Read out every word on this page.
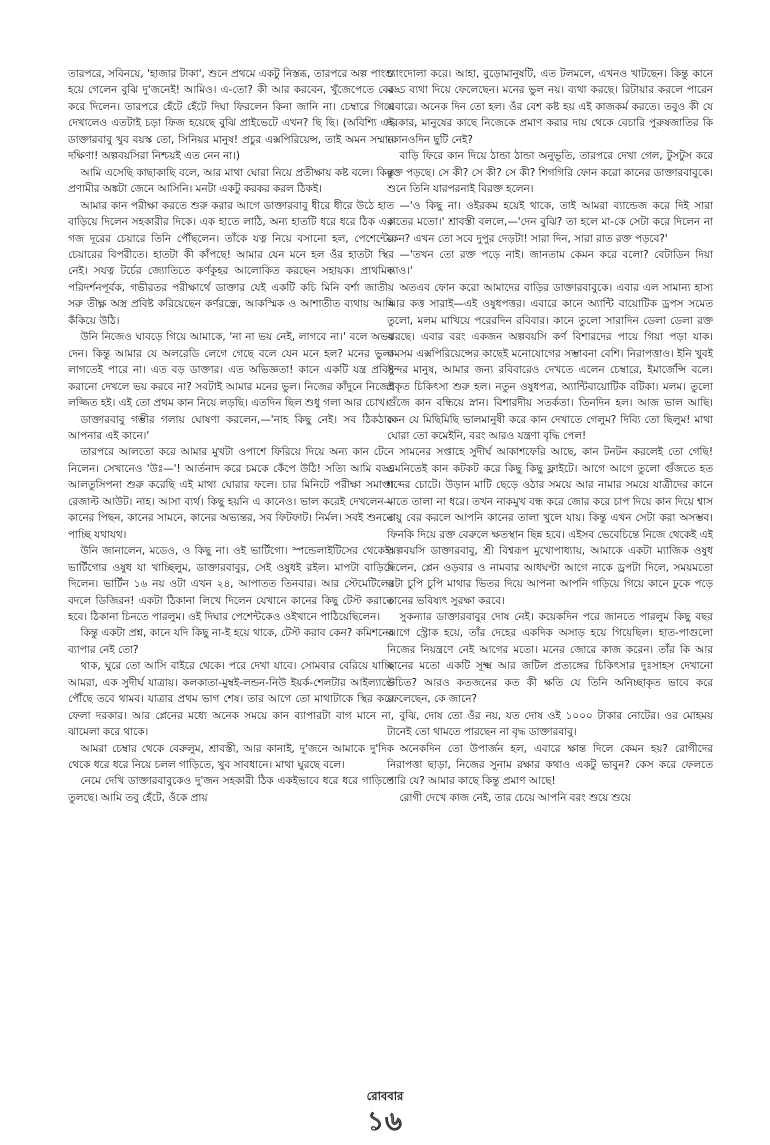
তারপরে, সবিনয়ে, 'হাজার টাকা', শুনে প্রথমে একটু নিস্তব্ধ, তারপরে অল্প পাংশু হয়ে গেলেন বুঝি দু'জনেই! আমিও। এ-তো? কী আর করবেন, খুঁজেপেতে বের করে দিলেন। তারপরে হেঁটে হেঁটে দিঘা ফিরলেন কিনা জানি না। চেম্বারে গিয়ে দেখালেও এতটাই চড়া ফিজ হয়েছে বুঝি প্রাইভেটে এখন? ছি ছি। (অবিশ্যি এই ডাক্তারবাবু খুব বয়স্ক তো, সিনিয়র মানুষ! প্রচুর এক্সপিরিয়েন্স, তাই অমন সম্মান দক্ষিণা! অল্পবয়সিরা নিশ্চয়ই এত নেন না।)

আমি এসেছি কাছাকাছি বলে, আর মাথা ঘোরা নিয়ে প্রতীক্ষায় কষ্ট বলে। কিন্তু প্রণামীর অঙ্কটা জেনে আসিনি। মনটা একটু করকর করল ঠিকই।

আমার কান পরীক্ষা করতে শুরু করার আগে ডাক্তারবাবু ধীরে ধীরে উঠে হাত বাড়িয়ে দিলেন সহকারীর দিকে। এক হাতে লাঠি, অন্য হাতটি ধরে ধরে ঠিক এক গজ দূরের চেয়ারে তিনি পৌঁছলেন। তাঁকে যত্ন নিয়ে বসানো হল, পেশেন্টের চেয়ারের বিপরীতে। হাতটা কী কাঁপছে! আমার যেন মনে হল ওঁর হাতটা স্থির নেই। সযত্ন টর্চের জ্যোতিতে কর্ণকুহর আলোকিত করছেন সহায়ক। প্রাথমিক পরিদর্শনপূর্বক, গভীরতর পরীক্ষার্থে ডাক্তার যেই একটি কচি মিনি বর্শা জাতীয় সরু তীক্ষ্ণ অস্ত্র প্রবিষ্ট করিয়েছেন কর্ণরন্ধ্রে, আকস্মিক ও আশাতীত ব্যথায় আমি কঁকিয়ে উঠি।

উনি নিজেও ঘাবড়ে গিয়ে আমাকে, 'না না ভয় নেই, লাগবে না।' বলে অভয় দেন। কিন্তু আমার যে অলরেডি লেগে গেছে বলে যেন মনে হল? মনের ভুল। লাগতেই পারে না। এত বড় ডাক্তার। এত অভিজ্ঞতা! কানে একটি যন্ত্র প্রবিষ্ট করানো দেখলে ভয় করবে না? সবটাই আমার মনের ভুল। নিজের কাঁদুনে নিজেই লজ্জিত হই। এই তো প্রথম কান নিয়ে লড়ছি। এতদিন ছিল শুধু গলা আর চোখ।

ডাক্তারবাবু গম্ভীর গলায় ঘোষণা করলেন,—'নাহ কিছু নেই। সব ঠিকঠাক আপনার এই কানে।'

তারপরে আলতো করে আমার মুখটা ওপাশে ফিরিয়ে দিয়ে অন্য কান টেনে নিলেন। সেখানেও 'উঃ—'! আর্তনাদ করে চমকে কেঁপে উঠি! সত্যি আমি বড্ড আলতুসিপনা শুরু করেছি এই মাথা ঘোরার ফলে। চার মিনিটে পরীক্ষা সমাপ্ত। রেজাল্ট আউট। নাহ। আসা ব্যর্থ। কিছু হয়নি এ কানেও। ভাল করেই দেখলেন—কানের পিছন, কানের সামনে, কানের অভ্যন্তর, সব ফিটফাট। নির্মল। সবই শুনতে পাচ্ছি যথাযথ।

উনি জানালেন, মডেও, ও কিছু না। ওই ভার্টিগো। স্পন্ডেলাইটিসের থেকেই। ভার্টিগোর ওষুধ যা খাচ্ছিলুম, ডাক্তারবাবুর, সেই ওষুধই রইল। মাপটা বাড়িয়ে দিলেন। ভার্টিন ১৬ নয় ওটা এখন ২৪, আপাতত তিনবার। আর স্টেমেটিলের বদলে ডিজিরন! একটা ঠিকানা লিখে দিলেন যেখানে কানের কিছু টেস্ট করাতে হবে। ঠিকানা চিনতে পারলুম। ওই দিঘার পেশেন্টকেও ওইখানে পাঠিয়েছিলেন।

কিন্তু একটা প্রশ্ন, কানে যদি কিছু না-ই হয়ে থাকে, টেস্ট করাব কেন? কমিশনের ব্যাপার নেই তো?

থাক, ঘুরে তো আসি বাইরে থেকে। পরে দেখা যাবে। সোমবার বেরিয়ে যাচ্ছি আমরা, এক সুদীর্ঘ যাত্রায়। কলকাতা-মুম্বই-লন্ডন-নিউ ইয়র্ক-শেলটার আইল্যান্ডে পৌঁছে তবে থামব। যাত্রার প্রথম ভাগ শেষ। তার আগে তো মাথাটাকে স্থির করে ফেলা দরকার। আর প্লেনের মধ্যে অনেক সময়ে কান ব্যাপারটা বাগ মানে না, ঝামেলা করে থাকে।

আমরা চেম্বার থেকে বেরুলুম, শ্রাবস্তী, আর কানাই, দু'জনে আমাকে দু'দিক থেকে ধরে ধরে নিয়ে চলল গাড়িতে, খুব সাবধানে। মাথা ঘুরছে বলে।

নেমে দেখি ডাক্তারবাবুকেও দু'জন সহকারী ঠিক একইভাবে ধরে ধরে গাড়িতে তুলছে। আমি তবু হেঁটে, ওঁকে প্রায়

চ্যাংদোলা করে। আহা, বুড়োমানুষটি, এত টলমলে, এখনও খাটছেন। কিন্তু কানে বড্ড ব্যথা দিয়ে ফেলেছেন। মনের ভুল নয়। ব্যথা করছে। রিটায়ার করলে পারেন এবারে। অনেক দিন তো হল। ওঁর বেশ কষ্ট হয় এই কাজকর্ম করতে। তবুও কী যে দরকার, মানুষের কাছে নিজেকে প্রমাণ করার দায় থেকে বেচারি পুরুষজাতির কি কোনওদিন ছুটি নেই?

বাড়ি ফিরে কান দিয়ে ঠান্ডা ঠান্ডা অনুভূতি, তারপরে দেখা গেল, টুসটুস করে রক্ত পড়ছে। সে কী? সে কী? সে কী? শিগগিরি ফোন করো কানের ডাক্তারবাবুকে। শুনে তিনি যারপরনাই বিরক্ত হলেন।

—'ও কিছু না। ওইরকম হয়েই থাকে, তাই আমরা ব্যান্ডেজ করে দিই সারা রাতের মতো।' শ্রাবস্তী বললে,—'দেন বুঝি? তা হলে মা-কে সেটা করে দিলেন না কেন? এখন তো সবে দুপুর দেড়টা! সারা দিন, সারা রাত রক্ত পড়বে?'

—'তখন তো রক্ত পড়ে নাই। জানতাম কেমন করে বলো? বেটাডিন দিয়া দ্যাও।'

অতএব ফোন করো আমাদের বাড়ির ডাক্তারবাবুকে। এবার এল সামান্য হাস্য আর কত্ত সারাই—এই ওষুধপত্তর। এবারে কানে অ্যান্টি বায়োটিক ড্রপস সমেত তুলো, মলম মাখিয়ে পরেরদিন রবিবার। কানে তুলো সারাদিন ডেলা ডেলা রক্ত ঝরছে। এবার বরং একজন অল্পবয়সি কর্ণ বিশারদের পায়ে গিয়া পড়া যাক। কমসম এক্সপিরিয়েন্সের কাছেই মনোযোগের সম্ভাবনা বেশি। নিরাপত্তাও। ইনি খুবই সুন্দর মানুষ, আমার জন্য রবিবারেও দেখতে এলেন চেম্বারে, ইমার্জেন্সি বলে। প্রকৃত চিকিৎসা শুরু হল। নতুন ওষুধপত্র, অ্যান্টিবায়োটিক বটিকা। মলম। তুলো গুঁজে কান বন্ধিয়ে স্নান। বিশারদীয় সতর্কতা। তিনদিন হল। আজ ভাল আছি। কেন যে মিছিমিছি ভালমানুষী করে কান দেখাতে গেলুম? দিব্যি তো ছিলুম! মাথা ঘোরা তো কমেইনি, বরং আরও যন্ত্রণা বৃদ্ধি পেল!

সামনের সপ্তাহে সুদীর্ঘ আকাশফেরি আছে, কান টনটন করলেই তো গেছি! এমনিতেই কান কটকট করে কিছু কিছু ফ্লাইটে। আগে আগে তুলো গুঁজতে হত শব্দের চোটে। উড়ান মাটি ছেড়ে ওঠার সময়ে আর নামার সময়ে যাত্রীদের কানে যাতে তালা না ধরে। তখন নাকমুখ বন্ধ করে জোর করে চাপ দিয়ে কান দিয়ে শ্বাস বায়ু বের করলে আপনি কানের তালা খুলে যায়। কিন্তু এখন সেটা করা অসম্ভব। ফিনকি দিয়ে রক্ত বেরুলে ক্ষতস্থান ছিন্ন হবে। এইসব ভেবেচিন্তে নিজে থেকেই এই অল্পবয়সি ডাক্তারবাবু, শ্রী বিশ্বরূপ মুখোপাধ্যায়, আমাকে একটা ম্যাজিক ওষুধ দিলেন, প্লেন ওড়বার ও নামবার আধঘণ্টা আগে নাকে ড্রপটা দিলে, সময়মতো ওটা চুপি চুপি মাথার ভিতর দিয়ে আপনা আপনি গড়িয়ে গিয়ে কানে ঢুকে পড়ে কানের ভবিষ্যৎ সুরক্ষা করবে।

সুকন্যার ডাক্তারবাবুর দোষ নেই। কয়েকদিন পরে জানতে পারলুম কিছু বছর আগে স্ট্রোক হয়ে, তাঁর দেহের একদিক অসাড় হয়ে গিয়েছিল। হাত-পাগুলো নিজের নিয়ন্ত্রণে নেই আগের মতো। মনের জোরে কাজ করেন। তাঁর কি আর কানের মতো একটি সূক্ষ্ম আর জটিল প্রত্যঙ্গের চিকিৎসার দুঃসাহস দেখানো উচিত? আরও কতজনের কত কী ক্ষতি যে তিনি অনিচ্ছাকৃত ভাবে করে ফেলেছেন, কে জানে?

বুঝি, দোষ তো ওঁর নয়, যত দোষ ওই ১০০০ টাকার নোটের। ওর মোহময় টানেই তো থামতে পারছেন না বৃদ্ধ ডাক্তারবাবু।

অনেকদিন তো উপার্জন হল, এবারে ক্ষান্ত দিলে কেমন হয়? রোগীদের নিরাপত্তা ছাড়া, নিজের সুনাম রক্ষার কথাও একটু ভাবুন? কেস করে ফেলতে পারি যে? আমার কাছে কিন্তু প্রমাণ আছে!

রোগী দেখে কাজ নেই, তার চেয়ে আপনি বরং শুয়ে শুয়ে

রোববার
১৬
